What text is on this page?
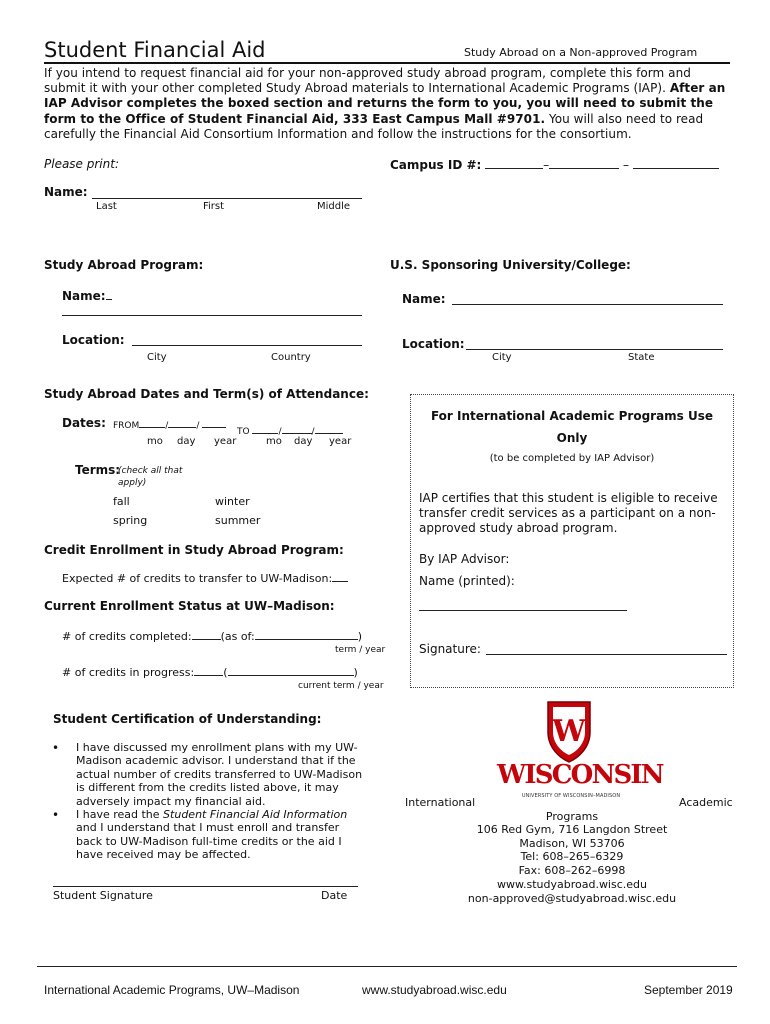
Student Financial Aid	Study Abroad on a Non-approved Program
If you intend to request financial aid for your non-approved study abroad program, complete this form and submit it with your other completed Study Abroad materials to International Academic Programs (IAP). After an IAP Advisor completes the boxed section and returns the form to you, you will need to submit the form to the Office of Student Financial Aid, 333 East Campus Mall #9701. You will also need to read carefully the Financial Aid Consortium Information and follow the instructions for the consortium.
Please print:	Campus ID #:	–	–
Name:
Last	First	Middle
Study Abroad Program:
Name:
Location:
City	Country
U.S. Sponsoring University/College:
Name:
Location:
City	State
Study Abroad Dates and Term(s) of Attendance:
Dates: FROM	/	/
TO	/	/
mo day year	mo day year
Terms:
(check all that apply)
fall
spring
winter
summer
Credit Enrollment in Study Abroad Program:
Expected # of credits to transfer to UW-Madison:
Current Enrollment Status at UW–Madison:
# of credits completed:	(as of:	)
term / year
# of credits in progress:	(	)
current term / year
For International Academic Programs Use
Only
(to be completed by IAP Advisor)
IAP certifies that this student is eligible to receive transfer credit services as a participant on a non-approved study abroad program.
By IAP Advisor:
Name (printed):
Signature:
Student Certification of Understanding:
• I have discussed my enrollment plans with my UW-Madison academic advisor. I understand that if the actual number of credits transferred to UW-Madison is different from the credits listed above, it may adversely impact my financial aid.
• I have read the Student Financial Aid Information and I understand that I must enroll and transfer back to UW-Madison full-time credits or the aid I have received may be affected.
Student Signature	Date
W
WISCONSIN
UNIVERSITY OF WISCONSIN–MADISON
International	Academic
Programs
106 Red Gym, 716 Langdon Street
Madison, WI 53706
Tel: 608–265–6329
Fax: 608–262–6998
www.studyabroad.wisc.edu
non-approved@studyabroad.wisc.edu
International Academic Programs, UW–Madison	www.studyabroad.wisc.edu	September 2019
